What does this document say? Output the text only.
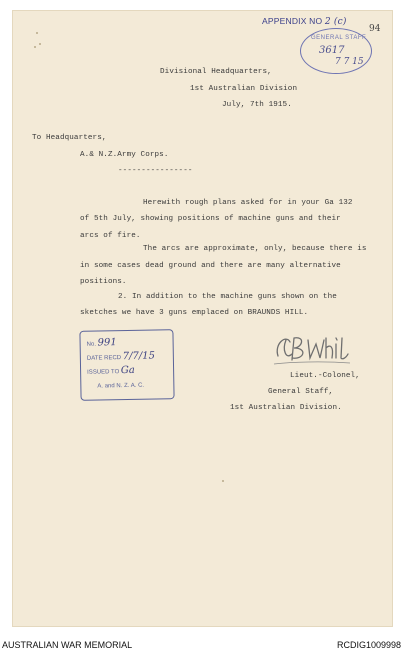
APPENDIX NO 2 (c)
94
GENERAL STAFF
3617
7 7 15
Divisional Headquarters,
1st Australian Division
July, 7th 1915.
To Headquarters,
A.& N.Z.Army Corps.
----------------
Herewith rough plans asked for in your Ga 132
of 5th July, showing positions of machine guns and their
arcs of fire.
The arcs are approximate, only, because there is
in some cases dead ground and there are many alternative
positions.
2. In addition to the machine guns shown on the
sketches we have 3 guns emplaced on BRAUNDS HILL.
No. 991
DATE RECD 7/7/15
ISSUED TO Ga
A. and N. Z. A. C.
Lieut.-Colonel,
General Staff,
1st Australian Division.
AUSTRALIAN WAR MEMORIAL	RCDIG1009998
